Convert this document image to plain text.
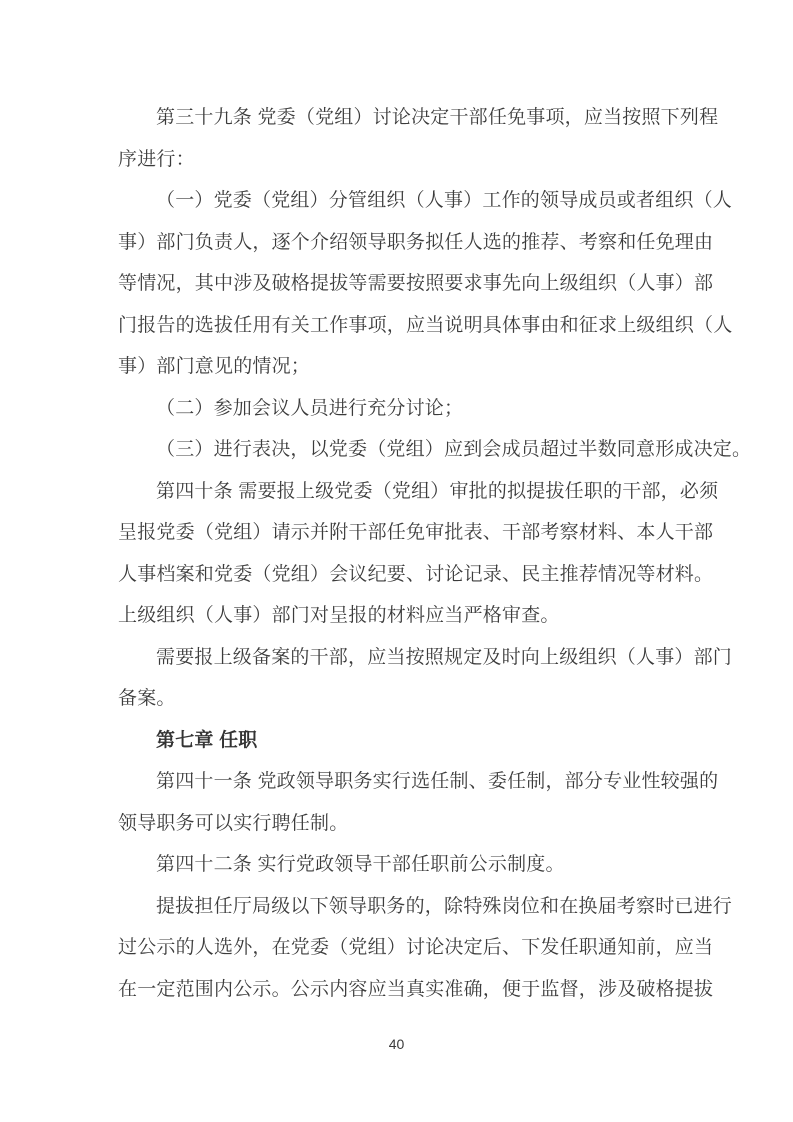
第三十九条 党委（党组）讨论决定干部任免事项，应当按照下列程
序进行：
（一）党委（党组）分管组织（人事）工作的领导成员或者组织（人
事）部门负责人，逐个介绍领导职务拟任人选的推荐、考察和任免理由
等情况，其中涉及破格提拔等需要按照要求事先向上级组织（人事）部
门报告的选拔任用有关工作事项，应当说明具体事由和征求上级组织（人
事）部门意见的情况；
（二）参加会议人员进行充分讨论；
（三）进行表决，以党委（党组）应到会成员超过半数同意形成决定。
第四十条 需要报上级党委（党组）审批的拟提拔任职的干部，必须
呈报党委（党组）请示并附干部任免审批表、干部考察材料、本人干部
人事档案和党委（党组）会议纪要、讨论记录、民主推荐情况等材料。
上级组织（人事）部门对呈报的材料应当严格审查。
需要报上级备案的干部，应当按照规定及时向上级组织（人事）部门
备案。
第七章 任职
第四十一条 党政领导职务实行选任制、委任制，部分专业性较强的
领导职务可以实行聘任制。
第四十二条 实行党政领导干部任职前公示制度。
提拔担任厅局级以下领导职务的，除特殊岗位和在换届考察时已进行
过公示的人选外，在党委（党组）讨论决定后、下发任职通知前，应当
在一定范围内公示。公示内容应当真实准确，便于监督，涉及破格提拔
40
